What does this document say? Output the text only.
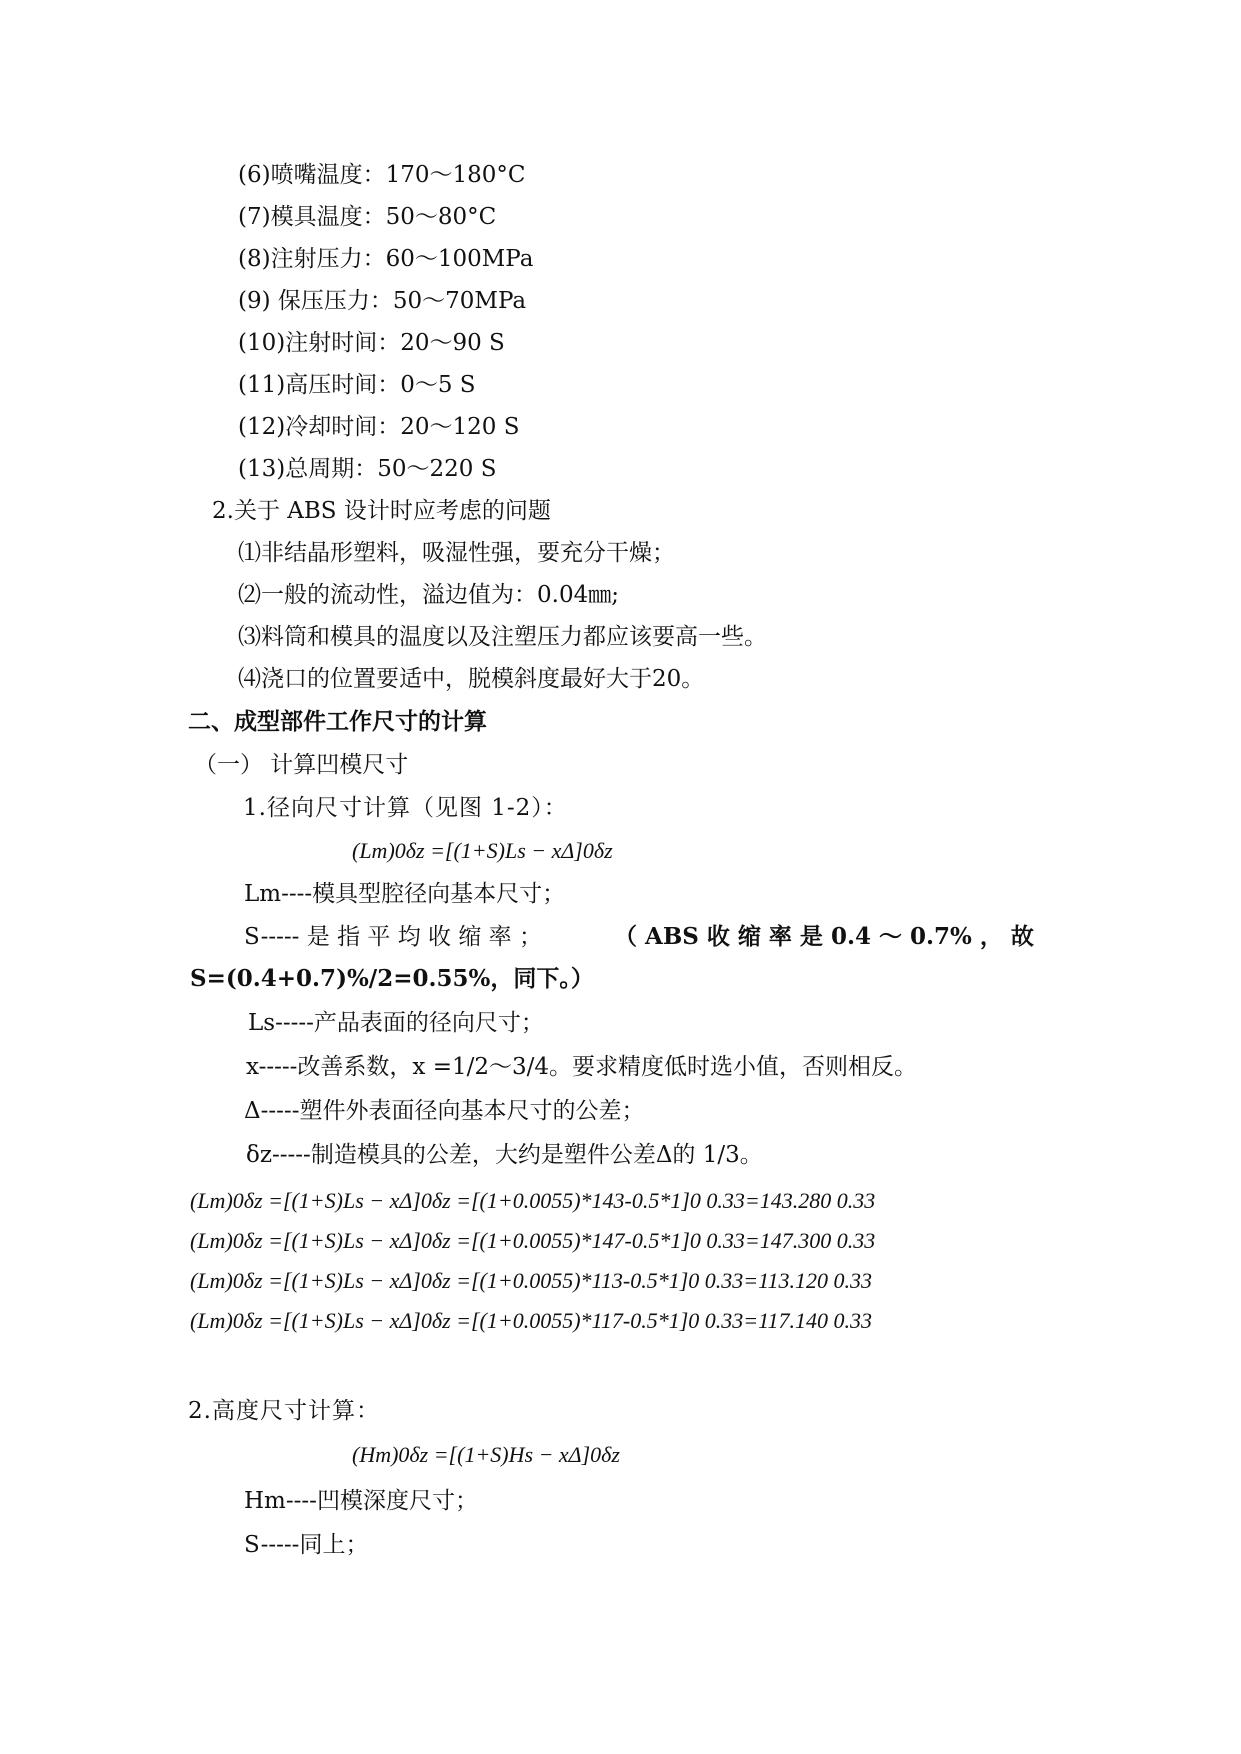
(6)喷嘴温度：170～180°C
(7)模具温度：50～80°C
(8)注射压力：60～100MPa
(9) 保压压力：50～70MPa
(10)注射时间：20～90 S
(11)高压时间：0～5 S
(12)冷却时间：20～120 S
(13)总周期：50～220 S
2.关于 ABS 设计时应考虑的问题
⑴非结晶形塑料，吸湿性强，要充分干燥；
⑵一般的流动性，溢边值为：0.04㎜;
⑶料筒和模具的温度以及注塑压力都应该要高一些。
⑷浇口的位置要适中，脱模斜度最好大于20。
二、成型部件工作尺寸的计算
（一） 计算凹模尺寸
1.径向尺寸计算（见图 1-2）：
(Lm)0δz =[(1+S)Ls − xΔ]0δz
Lm----模具型腔径向基本尺寸；
S----- 是 指 平 均 收 缩 率 ；	（ ABS 收 缩 率 是 0.4 ～ 0.7% ， 故
S=(0.4+0.7)%/2=0.55%，同下。）
Ls-----产品表面的径向尺寸；
x-----改善系数，x =1/2～3/4。要求精度低时选小值，否则相反。
Δ-----塑件外表面径向基本尺寸的公差；
δz-----制造模具的公差，大约是塑件公差Δ的 1/3。
(Lm)0δz =[(1+S)Ls − xΔ]0δz =[(1+0.0055)*143-0.5*1]0 0.33=143.280 0.33
(Lm)0δz =[(1+S)Ls − xΔ]0δz =[(1+0.0055)*147-0.5*1]0 0.33=147.300 0.33
(Lm)0δz =[(1+S)Ls − xΔ]0δz =[(1+0.0055)*113-0.5*1]0 0.33=113.120 0.33
(Lm)0δz =[(1+S)Ls − xΔ]0δz =[(1+0.0055)*117-0.5*1]0 0.33=117.140 0.33
2.高度尺寸计算：
(Hm)0δz =[(1+S)Hs − xΔ]0δz
Hm----凹模深度尺寸；
S-----同上；
